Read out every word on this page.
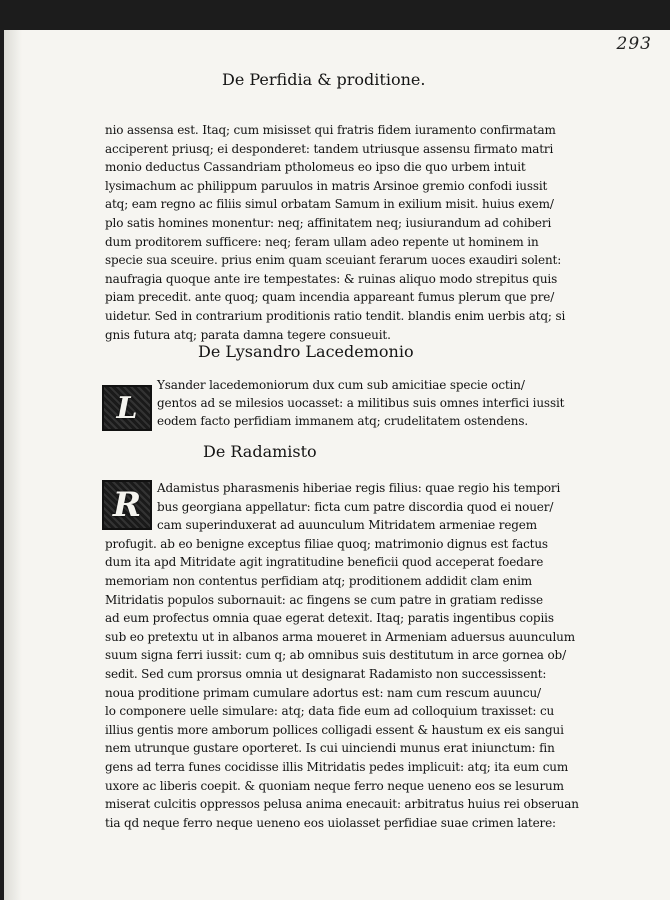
293
De Perfidia & proditione.
nio assensa est. Itaq; cum misisset qui fratris fidem iuramento confirmatam
acciperent priusq; ei desponderet: tandem utriusque assensu firmato matri
monio deductus Cassandriam ptholomeus eo ipso die quo urbem intuit
lysimachum ac philippum paruulos in matris Arsinoe gremio confodi iussit
atq; eam regno ac filiis simul orbatam Samum in exilium misit. huius exem/
plo satis homines monentur: neq; affinitatem neq; iusiurandum ad cohiberi
dum proditorem sufficere: neq; feram ullam adeo repente ut hominem in
specie sua sceuire. prius enim quam sceuiant ferarum uoces exaudiri solent:
naufragia quoque ante ire tempestates: & ruinas aliquo modo strepitus quis
piam precedit. ante quoq; quam incendia appareant fumus plerum que pre/
uidetur. Sed in contrarium proditionis ratio tendit. blandis enim uerbis atq; si
gnis futura atq; parata damna tegere consueuit.
De Lysandro Lacedemonio
L
Ysander lacedemoniorum dux cum sub amicitiae specie octin/
gentos ad se milesios uocasset: a militibus suis omnes interfici iussit
eodem facto perfidiam immanem atq; crudelitatem ostendens.
De Radamisto
R Adamistus pharasmenis hiberiae regis filius: quae regio his tempori
bus georgiana appellatur: ficta cum patre discordia quod ei nouer/
cam superinduxerat ad auunculum Mitridatem armeniae regem
profugit. ab eo benigne exceptus filiae quoq; matrimonio dignus est factus
dum ita apd Mitridate agit ingratitudine beneficii quod acceperat foedare
memoriam non contentus perfidiam atq; proditionem addidit clam enim
Mitridatis populos subornauit: ac fingens se cum patre in gratiam redisse
ad eum profectus omnia quae egerat detexit. Itaq; paratis ingentibus copiis
sub eo pretextu ut in albanos arma moueret in Armeniam aduersus auunculum
suum signa ferri iussit: cum q; ab omnibus suis destitutum in arce gornea ob/
sedit. Sed cum prorsus omnia ut designarat Radamisto non successissent:
noua proditione primam cumulare adortus est: nam cum rescum auuncu/
lo componere uelle simulare: atq; data fide eum ad colloquium traxisset: cu
illius gentis more amborum pollices colligadi essent & haustum ex eis sangui
nem utrunque gustare oporteret. Is cui uinciendi munus erat iniunctum: fin
gens ad terra funes cocidisse illis Mitridatis pedes implicuit: atq; ita eum cum
uxore ac liberis coepit. & quoniam neque ferro neque ueneno eos se lesurum
miserat culcitis oppressos pelusa anima enecauit: arbitratus huius rei obseruan
tia qd neque ferro neque ueneno eos uiolasset perfidiae suae crimen latere:
